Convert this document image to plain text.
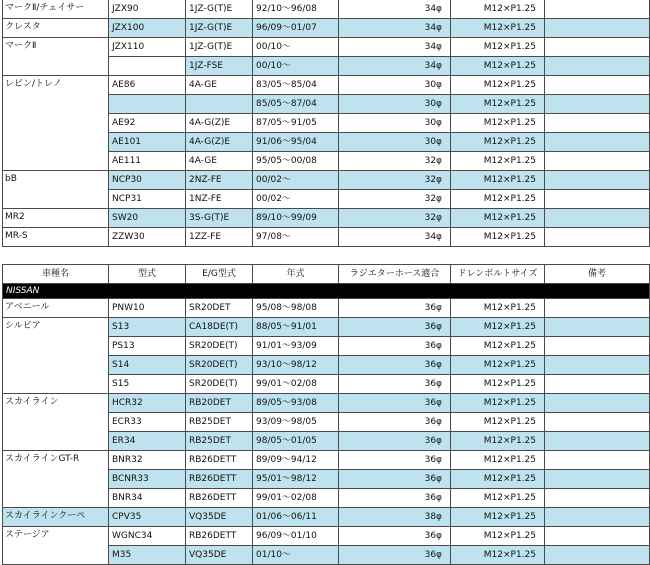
マークⅡ/チェイサー	JZX90	1JZ-G(T)E	92/10〜96/08	34φ	M12×P1.25	
クレスタ	JZX100	1JZ-G(T)E	96/09〜01/07	34φ	M12×P1.25	
マークⅡ	JZX110	1JZ-G(T)E	00/10〜	34φ	M12×P1.25	
		1JZ-FSE	00/10〜	34φ	M12×P1.25	
レビン/トレノ	AE86	4A-GE	83/05〜85/04	30φ	M12×P1.25	
			85/05〜87/04	30φ	M12×P1.25	
	AE92	4A-G(Z)E	87/05〜91/05	30φ	M12×P1.25	
	AE101	4A-G(Z)E	91/06〜95/04	30φ	M12×P1.25	
	AE111	4A-GE	95/05〜00/08	32φ	M12×P1.25	
bB	NCP30	2NZ-FE	00/02〜	32φ	M12×P1.25	
	NCP31	1NZ-FE	00/02〜	32φ	M12×P1.25	
MR2	SW20	3S-G(T)E	89/10〜99/09	32φ	M12×P1.25	
MR-S	ZZW30	1ZZ-FE	97/08〜	34φ	M12×P1.25	
車種名	型式	E/G型式	年式	ラジエターホース適合	ドレンボルトサイズ	備考
NISSAN						
アベニール	PNW10	SR20DET	95/08〜98/08	36φ	M12×P1.25	
シルビア	S13	CA18DE(T)	88/05〜91/01	36φ	M12×P1.25	
	PS13	SR20DE(T)	91/01〜93/09	36φ	M12×P1.25	
	S14	SR20DE(T)	93/10〜98/12	36φ	M12×P1.25	
	S15	SR20DE(T)	99/01〜02/08	36φ	M12×P1.25	
スカイライン	HCR32	RB20DET	89/05〜93/08	36φ	M12×P1.25	
	ECR33	RB25DET	93/09〜98/05	36φ	M12×P1.25	
	ER34	RB25DET	98/05〜01/05	36φ	M12×P1.25	
スカイラインGT-R	BNR32	RB26DETT	89/09〜94/12	36φ	M12×P1.25	
	BCNR33	RB26DETT	95/01〜98/12	36φ	M12×P1.25	
	BNR34	RB26DETT	99/01〜02/08	36φ	M12×P1.25	
スカイラインクーペ	CPV35	VQ35DE	01/06〜06/11	38φ	M12×P1.25	
ステージア	WGNC34	RB26DETT	96/09〜01/10	36φ	M12×P1.25	
	M35	VQ35DE	01/10〜	36φ	M12×P1.25	
